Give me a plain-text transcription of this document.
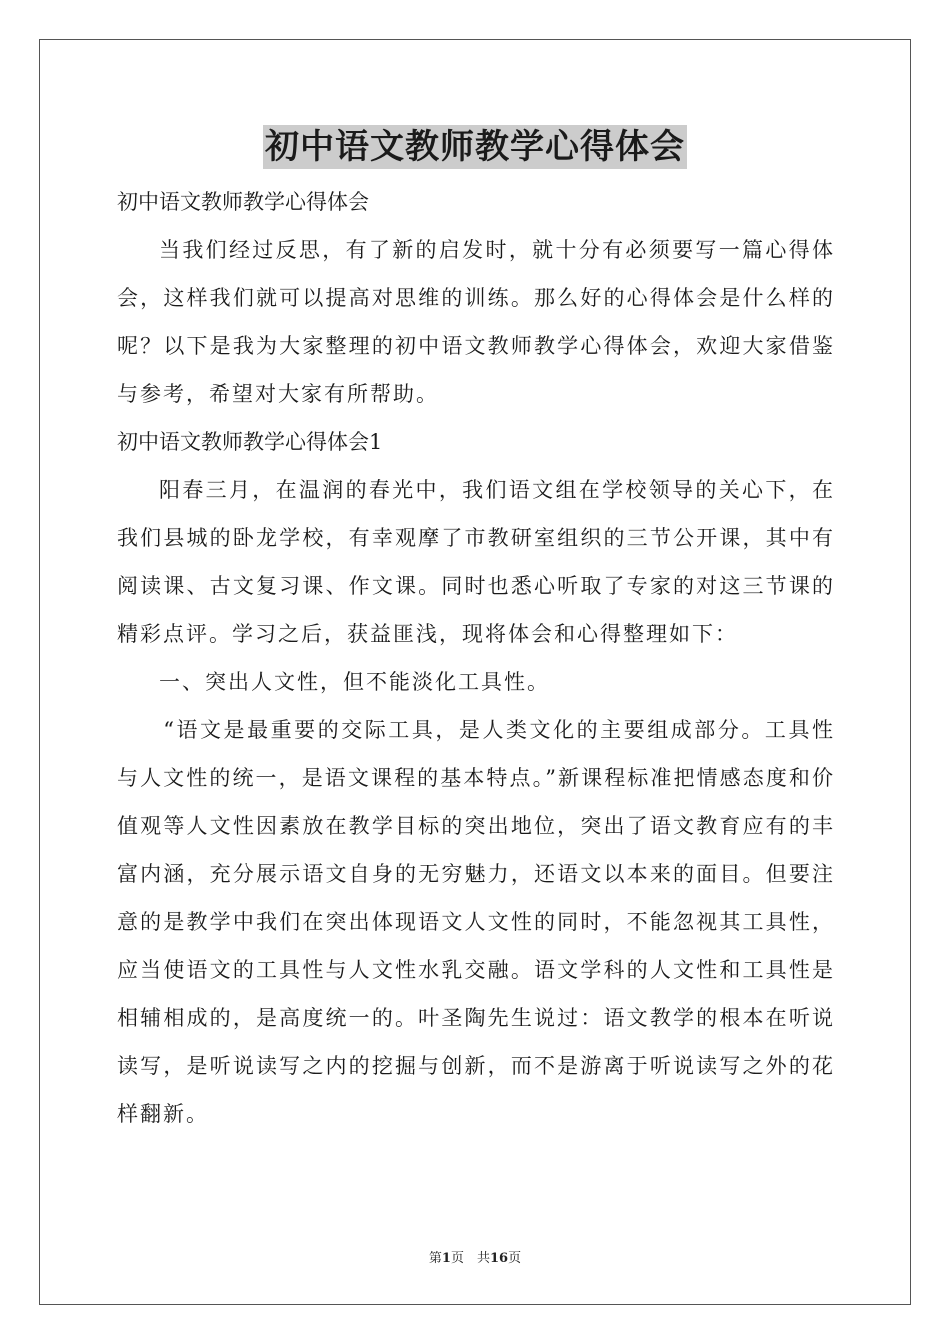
初中语文教师教学心得体会

初中语文教师教学心得体会

当我们经过反思，有了新的启发时，就十分有必须要写一篇心得体会，这样我们就可以提高对思维的训练。那么好的心得体会是什么样的呢？以下是我为大家整理的初中语文教师教学心得体会，欢迎大家借鉴与参考，希望对大家有所帮助。

初中语文教师教学心得体会1

阳春三月，在温润的春光中，我们语文组在学校领导的关心下，在我们县城的卧龙学校，有幸观摩了市教研室组织的三节公开课，其中有阅读课、古文复习课、作文课。同时也悉心听取了专家的对这三节课的精彩点评。学习之后，获益匪浅，现将体会和心得整理如下：

一、突出人文性，但不能淡化工具性。

“语文是最重要的交际工具，是人类文化的主要组成部分。工具性与人文性的统一，是语文课程的基本特点。”新课程标准把情感态度和价值观等人文性因素放在教学目标的突出地位，突出了语文教育应有的丰富内涵，充分展示语文自身的无穷魅力，还语文以本来的面目。但要注意的是教学中我们在突出体现语文人文性的同时，不能忽视其工具性，应当使语文的工具性与人文性水乳交融。语文学科的人文性和工具性是相辅相成的，是高度统一的。叶圣陶先生说过：语文教学的根本在听说读写，是听说读写之内的挖掘与创新，而不是游离于听说读写之外的花样翻新。

第1页　共16页
